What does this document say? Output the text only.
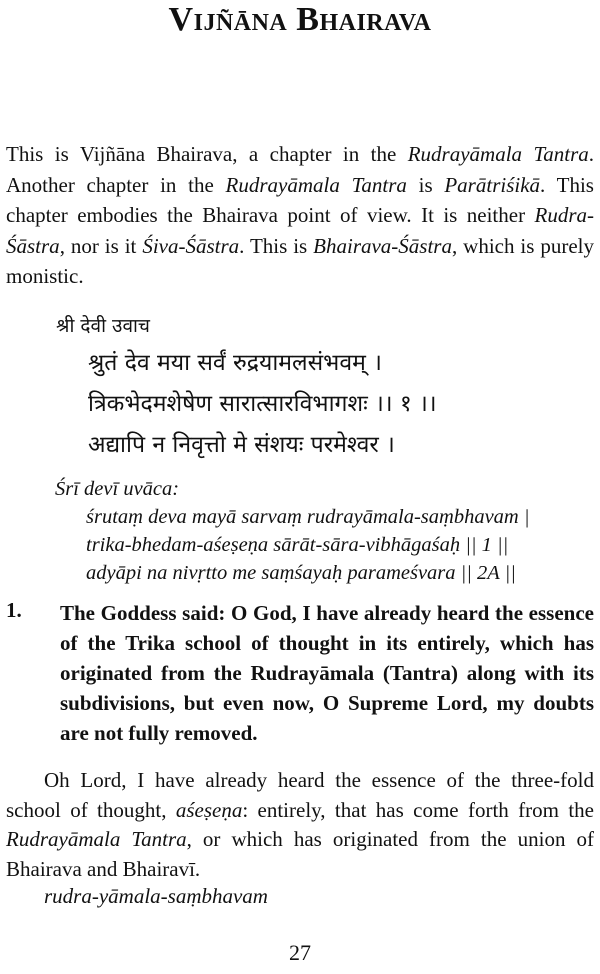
Vijñāna Bhairava

This is Vijñāna Bhairava, a chapter in the Rudrayāmala Tantra. Another chapter in the Rudrayāmala Tantra is Parātriśikā. This chapter embodies the Bhairava point of view. It is neither Rudra-Śāstra, nor is it Śiva-Śāstra. This is Bhairava-Śāstra, which is purely monistic.

श्री देवी उवाच
श्रुतं देव मया सर्वं रुद्रयामलसंभवम् ।
त्रिकभेदमशेषेण सारात्सारविभागशः ।। १ ।।
अद्यापि न निवृत्तो मे संशयः परमेश्वर ।
Śrī devī uvāca:
śrutaṃ deva mayā sarvaṃ rudrayāmala-saṃbhavam |
trika-bhedam-aśeṣeṇa sārāt-sāra-vibhāgaśaḥ || 1 ||
adyāpi na nivṛtto me saṃśayaḥ parameśvara || 2A ||
1. The Goddess said: O God, I have already heard the essence of the Trika school of thought in its entirely, which has originated from the Rudrayāmala (Tantra) along with its subdivisions, but even now, O Supreme Lord, my doubts are not fully removed.

Oh Lord, I have already heard the essence of the three-fold school of thought, aśeṣeṇa: entirely, that has come forth from the Rudrayāmala Tantra, or which has originated from the union of Bhairava and Bhairavī.

rudra-yāmala-saṃbhavam
27
